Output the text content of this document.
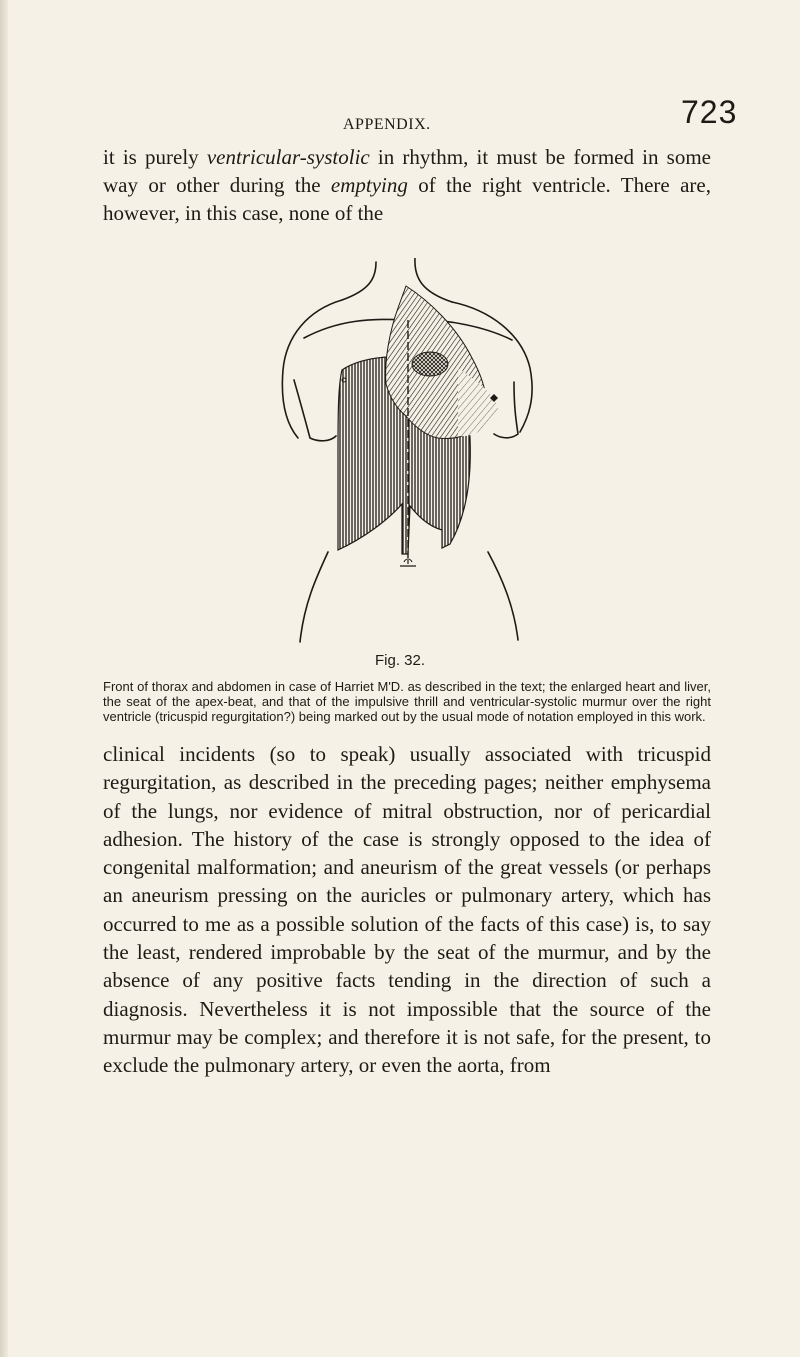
APPENDIX.	723

it is purely ventricular-systolic in rhythm, it must be formed in some way or other during the emptying of the right ventricle. There are, however, in this case, none of the

Fig. 32.

Front of thorax and abdomen in case of Harriet M'D. as described in the text; the enlarged heart and liver, the seat of the apex-beat, and that of the impulsive thrill and ventricular-systolic murmur over the right ventricle (tricuspid regurgitation?) being marked out by the usual mode of notation employed in this work.

clinical incidents (so to speak) usually associated with tricuspid regurgitation, as described in the preceding pages; neither emphysema of the lungs, nor evidence of mitral obstruction, nor of pericardial adhesion. The history of the case is strongly opposed to the idea of congenital malformation; and aneurism of the great vessels (or perhaps an aneurism pressing on the auricles or pulmonary artery, which has occurred to me as a possible solution of the facts of this case) is, to say the least, rendered improbable by the seat of the murmur, and by the absence of any positive facts tending in the direction of such a diagnosis. Nevertheless it is not impossible that the source of the murmur may be complex; and therefore it is not safe, for the present, to exclude the pulmonary artery, or even the aorta, from
